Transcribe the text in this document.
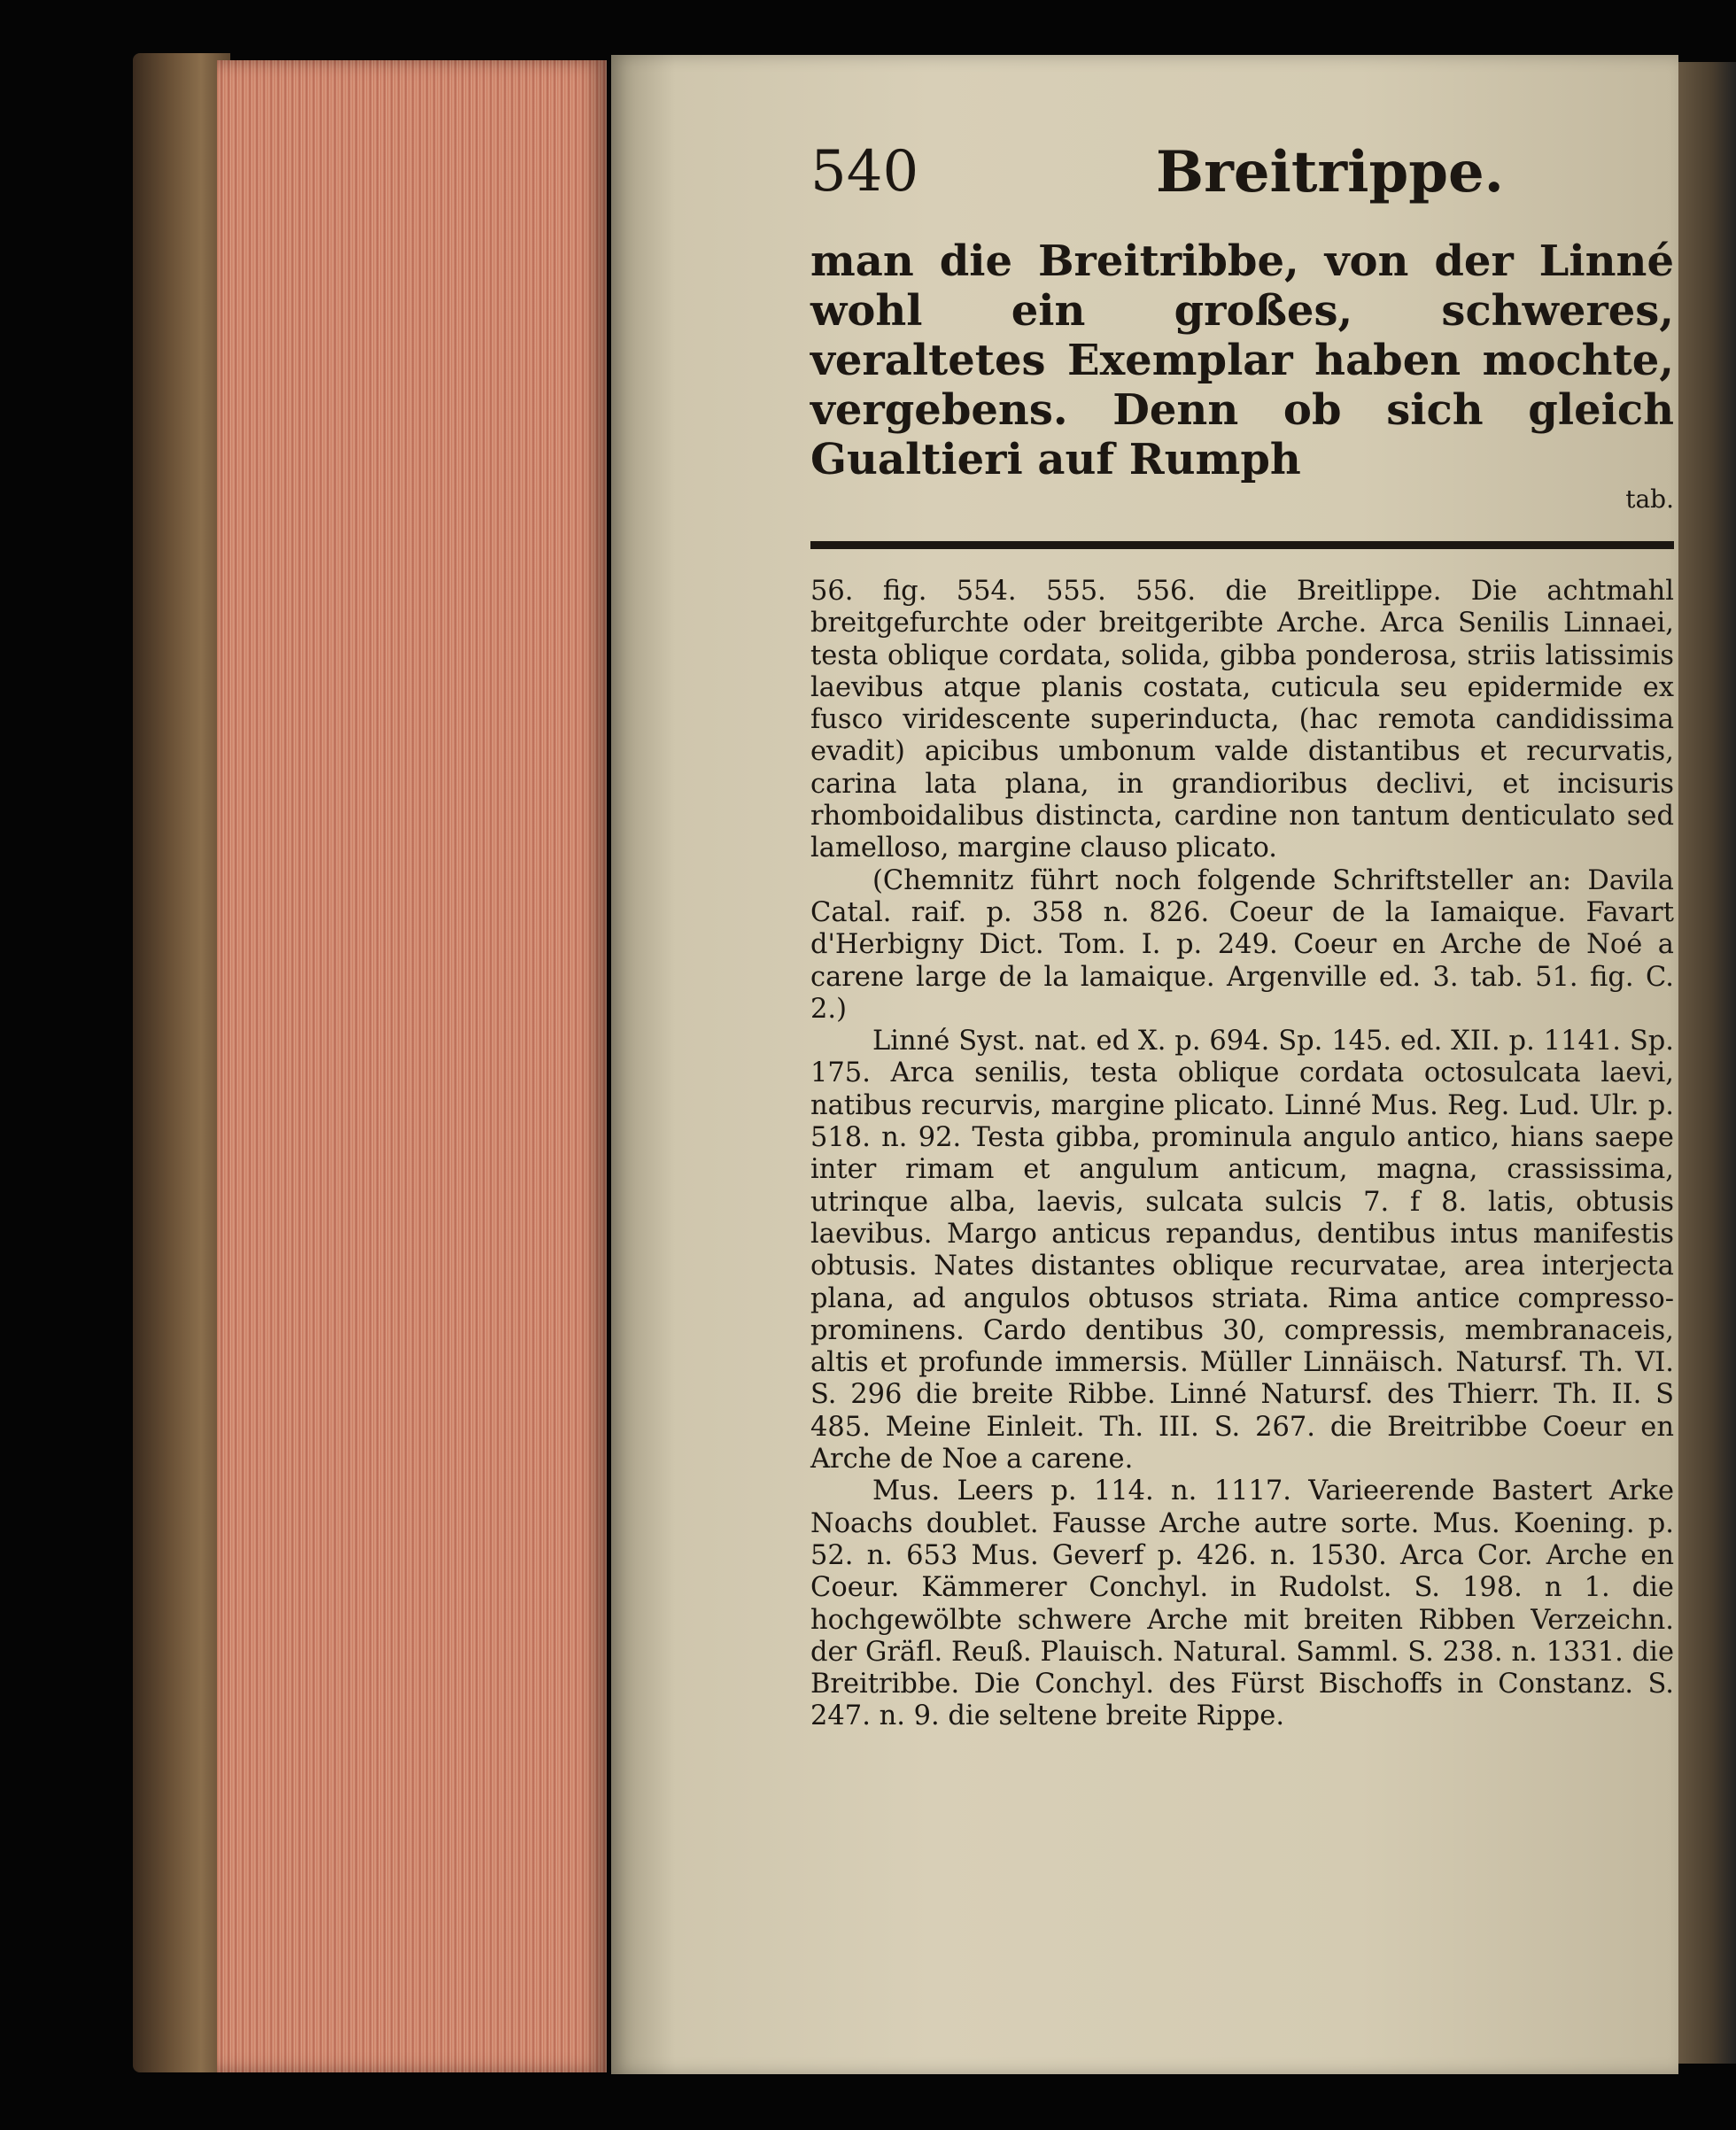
540	Breitrippe.

man die Breitribbe, von der Linné wohl ein großes, schweres, veraltetes Exemplar haben mochte, vergebens. Denn ob sich gleich Gualtieri auf Rumph
tab.

56. fig. 554. 555. 556. die Breitlippe. Die achtmahl breitgefurchte oder breitgeribte Arche. Arca Senilis Linnaei, testa oblique cordata, solida, gibba ponderosa, striis latissimis laevibus atque planis costata, cuticula seu epidermide ex fusco viridescente superinducta, (hac remota candidissima evadit) apicibus umbonum valde distantibus et recurvatis, carina lata plana, in grandioribus declivi, et incisuris rhomboidalibus distincta, cardine non tantum denticulato sed lamelloso, margine clauso plicato.
(Chemnitz führt noch folgende Schriftsteller an: Davila Catal. raif. p. 358 n. 826. Coeur de la Iamaique. Favart d'Herbigny Dict. Tom. I. p. 249. Coeur en Arche de Noé a carene large de la lamaique. Argenville ed. 3. tab. 51. fig. C. 2.)
Linné Syst. nat. ed X. p. 694. Sp. 145. ed. XII. p. 1141. Sp. 175. Arca senilis, testa oblique cordata octosulcata laevi, natibus recurvis, margine plicato. Linné Mus. Reg. Lud. Ulr. p. 518. n. 92. Testa gibba, prominula angulo antico, hians saepe inter rimam et angulum anticum, magna, crassissima, utrinque alba, laevis, sulcata sulcis 7. f 8. latis, obtusis laevibus. Margo anticus repandus, dentibus intus manifestis obtusis. Nates distantes oblique recurvatae, area interjecta plana, ad angulos obtusos striata. Rima antice compresso-prominens. Cardo dentibus 30, compressis, membranaceis, altis et profunde immersis. Müller Linnäisch. Natursf. Th. VI. S. 296 die breite Ribbe. Linné Natursf. des Thierr. Th. II. S 485. Meine Einleit. Th. III. S. 267. die Breitribbe Coeur en Arche de Noe a carene.
Mus. Leers p. 114. n. 1117. Varieerende Bastert Arke Noachs doublet. Fausse Arche autre sorte. Mus. Koening. p. 52. n. 653 Mus. Geverf p. 426. n. 1530. Arca Cor. Arche en Coeur. Kämmerer Conchyl. in Rudolst. S. 198. n 1. die hochgewölbte schwere Arche mit breiten Ribben Verzeichn. der Gräfl. Reuß. Plauisch. Natural. Samml. S. 238. n. 1331. die Breitribbe. Die Conchyl. des Fürst Bischoffs in Constanz. S. 247. n. 9. die seltene breite Rippe.
